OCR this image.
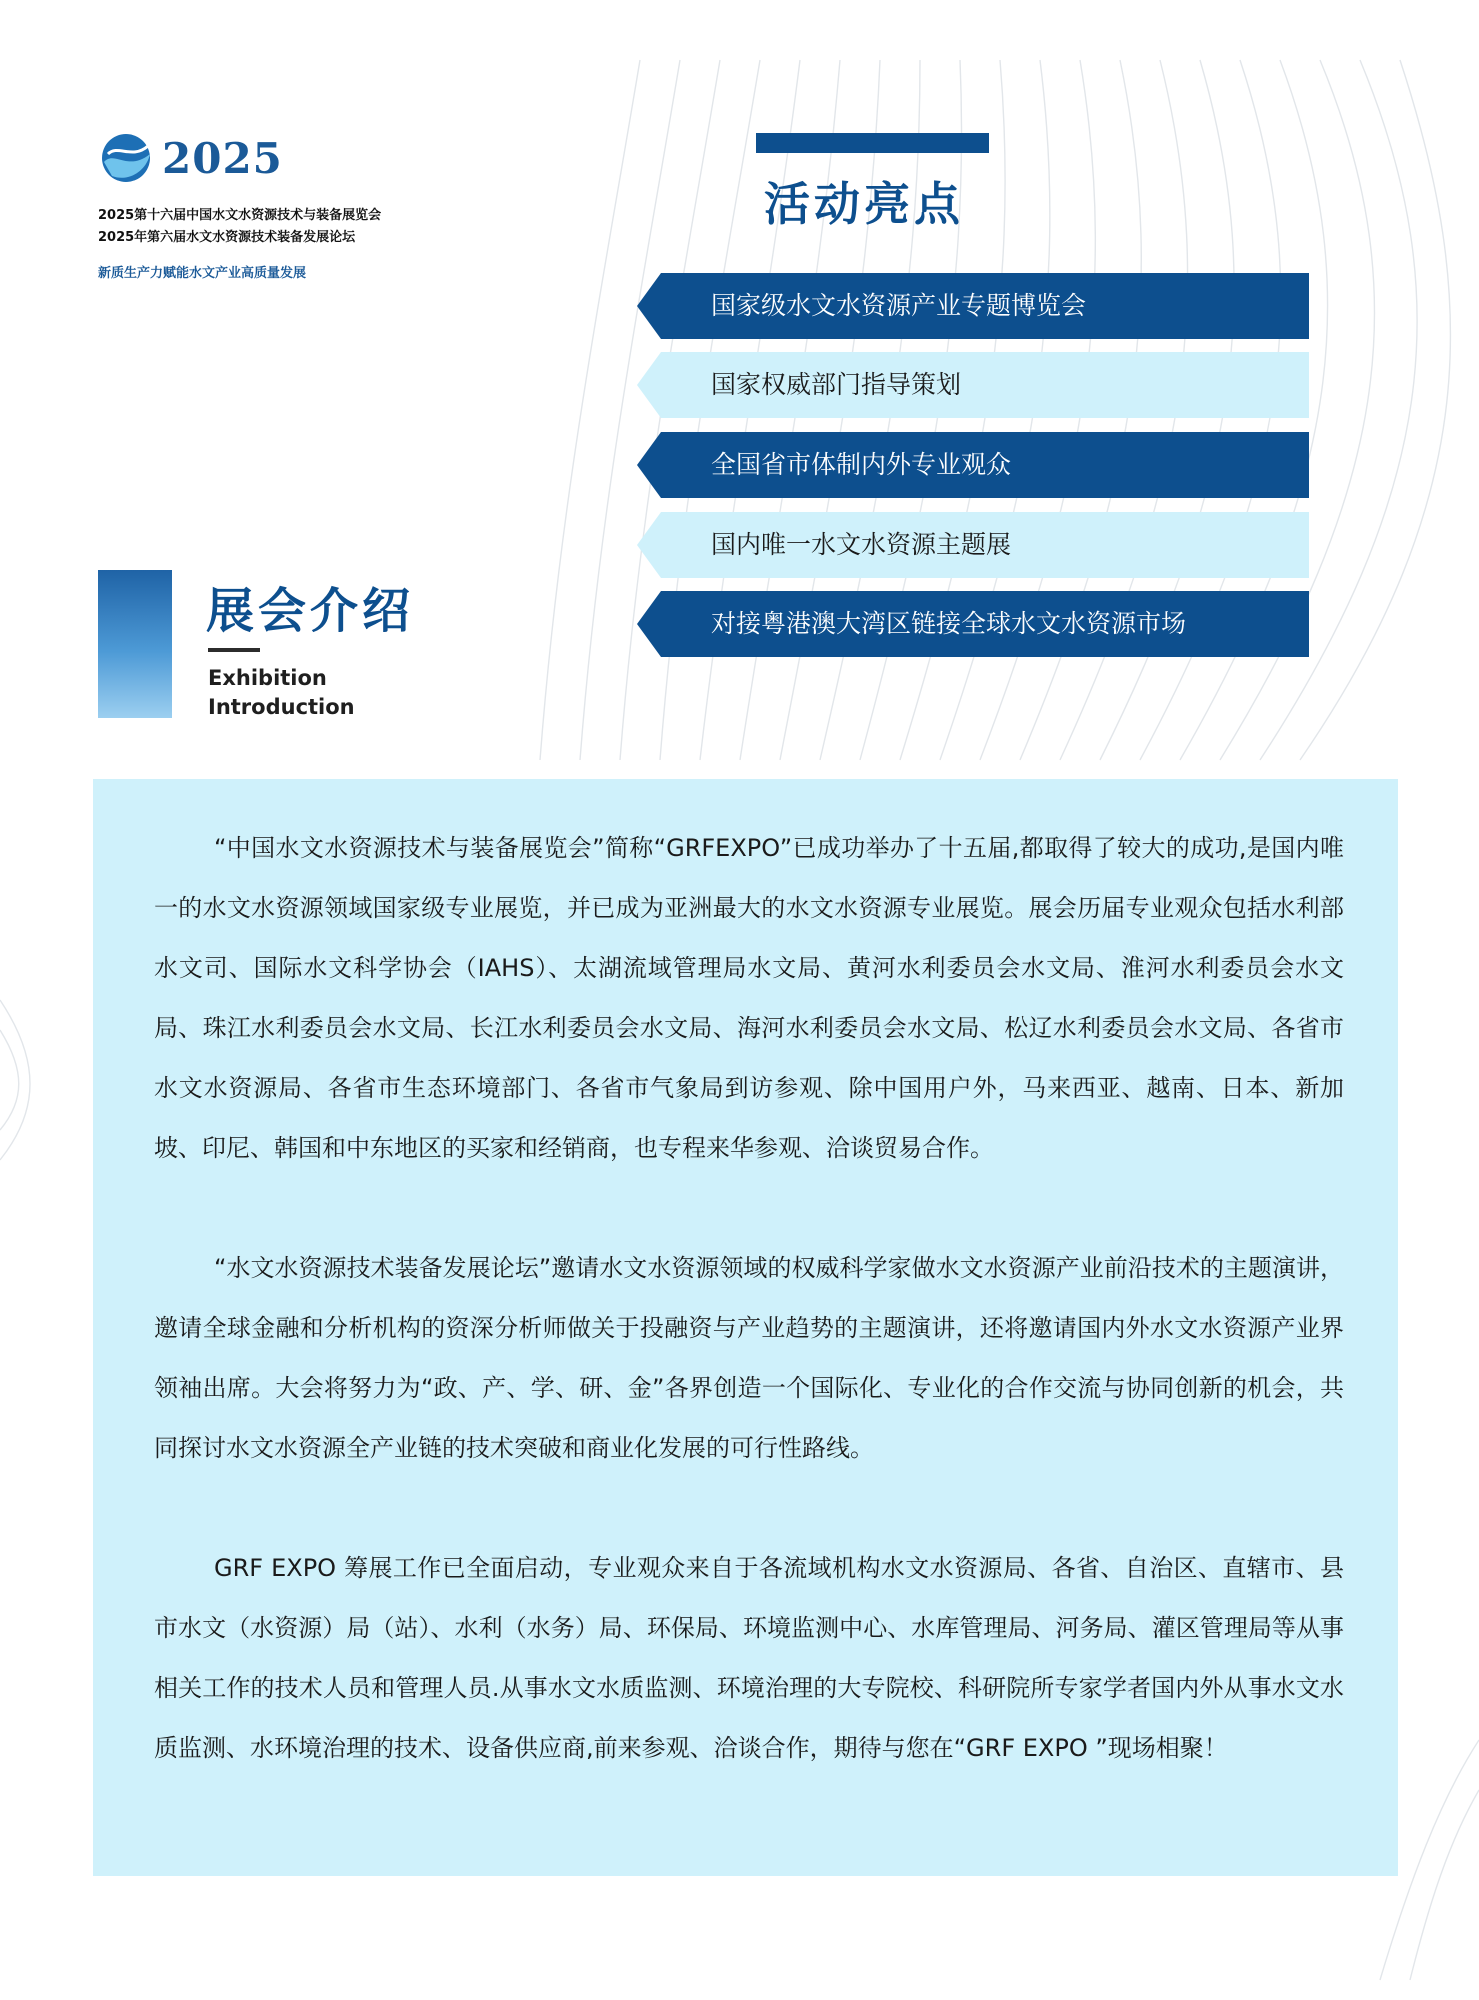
2025
2025第十六届中国水文水资源技术与装备展览会
2025年第六届水文水资源技术装备发展论坛
新质生产力赋能水文产业高质量发展
活动亮点
国家级水文水资源产业专题博览会
国家权威部门指导策划
全国省市体制内外专业观众
国内唯一水文水资源主题展
对接粤港澳大湾区链接全球水文水资源市场
展会介绍
Exhibition
Introduction

“中国水文水资源技术与装备展览会”简称“GRFEXPO”已成功举办了十五届,都取得了较大的成功,是国内唯一的水文水资源领域国家级专业展览，并已成为亚洲最大的水文水资源专业展览。展会历届专业观众包括水利部水文司、国际水文科学协会（IAHS）、太湖流域管理局水文局、黄河水利委员会水文局、淮河水利委员会水文局、珠江水利委员会水文局、长江水利委员会水文局、海河水利委员会水文局、松辽水利委员会水文局、各省市水文水资源局、各省市生态环境部门、各省市气象局到访参观、除中国用户外，马来西亚、越南、日本、新加坡、印尼、韩国和中东地区的买家和经销商，也专程来华参观、洽谈贸易合作。

“水文水资源技术装备发展论坛”邀请水文水资源领域的权威科学家做水文水资源产业前沿技术的主题演讲，邀请全球金融和分析机构的资深分析师做关于投融资与产业趋势的主题演讲，还将邀请国内外水文水资源产业界领袖出席。大会将努力为“政、产、学、研、金”各界创造一个国际化、专业化的合作交流与协同创新的机会，共同探讨水文水资源全产业链的技术突破和商业化发展的可行性路线。

GRF EXPO 筹展工作已全面启动，专业观众来自于各流域机构水文水资源局、各省、自治区、直辖市、县市水文（水资源）局（站）、水利（水务）局、环保局、环境监测中心、水库管理局、河务局、灌区管理局等从事相关工作的技术人员和管理人员.从事水文水质监测、环境治理的大专院校、科研院所专家学者国内外从事水文水质监测、水环境治理的技术、设备供应商,前来参观、洽谈合作，期待与您在“GRF EXPO ”现场相聚！
